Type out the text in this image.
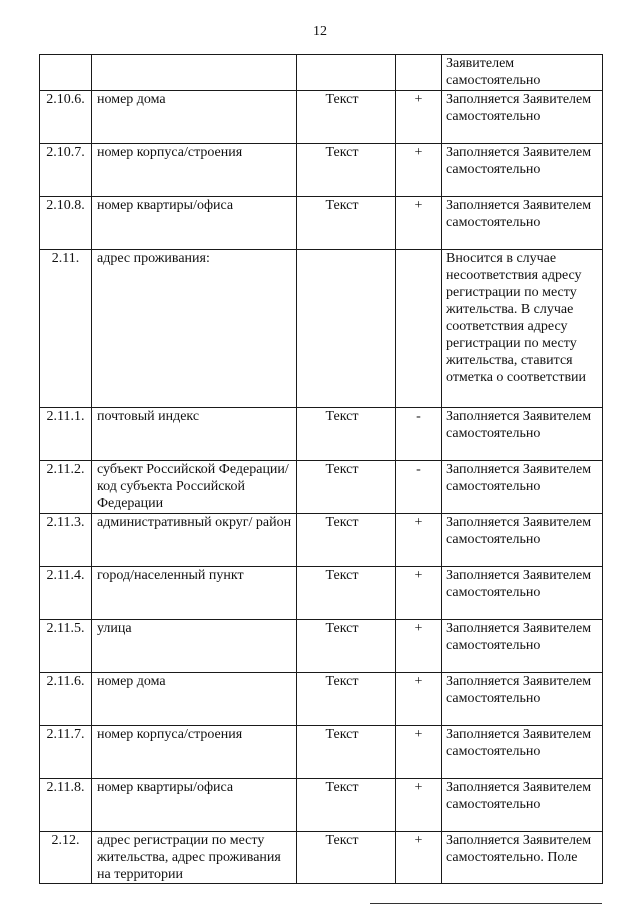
12
				Заявителем самостоятельно
2.10.6.	номер дома	Текст	+	Заполняется Заявителем самостоятельно
2.10.7.	номер корпуса/строения	Текст	+	Заполняется Заявителем самостоятельно
2.10.8.	номер квартиры/офиса	Текст	+	Заполняется Заявителем самостоятельно
2.11.	адрес проживания:			Вносится в случае несоответствия адресу регистрации по месту жительства. В случае соответствия адресу регистрации по месту жительства, ставится отметка о соответствии
2.11.1.	почтовый индекс	Текст	-	Заполняется Заявителем самостоятельно
2.11.2.	субъект Российской Федерации/код субъекта Российской Федерации	Текст	-	Заполняется Заявителем самостоятельно
2.11.3.	административный округ/ район	Текст	+	Заполняется Заявителем самостоятельно
2.11.4.	город/населенный пункт	Текст	+	Заполняется Заявителем самостоятельно
2.11.5.	улица	Текст	+	Заполняется Заявителем самостоятельно
2.11.6.	номер дома	Текст	+	Заполняется Заявителем самостоятельно
2.11.7.	номер корпуса/строения	Текст	+	Заполняется Заявителем самостоятельно
2.11.8.	номер квартиры/офиса	Текст	+	Заполняется Заявителем самостоятельно
2.12.	адрес регистрации по месту жительства, адрес проживания на территории	Текст	+	Заполняется Заявителем самостоятельно. Поле
